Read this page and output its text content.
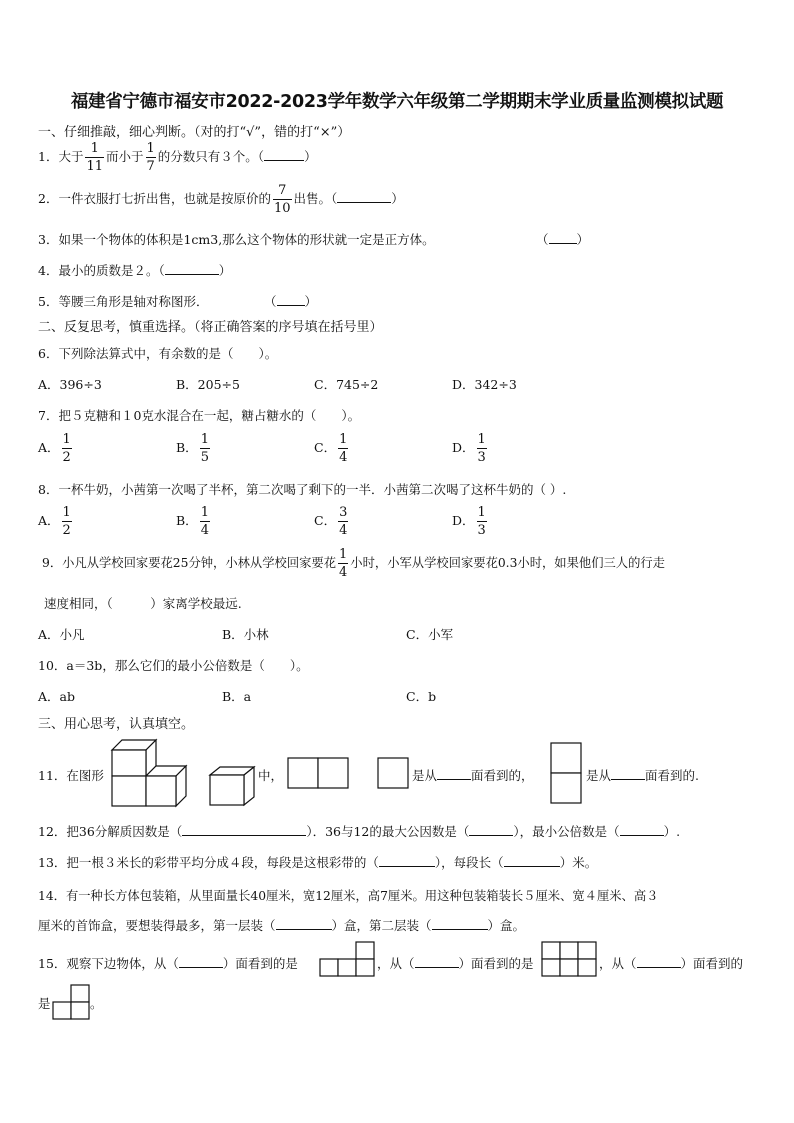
福建省宁德市福安市2022-2023学年数学六年级第二学期期末学业质量监测模拟试题
一、仔细推敲，细心判断。（对的打“√”，错的打“×”）
1．大于 $\frac{1}{11}$ 而小于 $\frac{1}{7}$ 的分数只有３个。（	）
2．一件衣服打七折出售，也就是按原价的 $\frac{7}{10}$ 出售。（	）
3．如果一个物体的体积是1cm3,那么这个物体的形状就一定是正方体。	（ ）
4．最小的质数是２。（	）
5．等腰三角形是轴对称图形．	（ ）
二、反复思考，慎重选择。（将正确答案的序号填在括号里）
6．下列除法算式中，有余数的是（　　）。
A．396÷3	B．205÷5	C．745÷2	D．342÷3
7．把５克糖和１0克水混合在一起，糖占糖水的（　　）。
A． $\frac{1}{2}$	B． $\frac{1}{5}$	C． $\frac{1}{4}$	D． $\frac{1}{3}$
8．一杯牛奶，小茜第一次喝了半杯，第二次喝了剩下的一半．小茜第二次喝了这杯牛奶的（ ）.
A． $\frac{1}{2}$	B． $\frac{1}{4}$	C． $\frac{3}{4}$	D． $\frac{1}{3}$
9．小凡从学校回家要花25分钟，小林从学校回家要花 $\frac{1}{4}$ 小时，小军从学校回家要花0.3小时，如果他们三人的行走
速度相同，（　　　）家离学校最远.
A．小凡	B．小林	C．小军
10．a＝3b，那么它们的最小公倍数是（　　）。
A．ab	B．a	C．b
三、用心思考，认真填空。
11．在图形	中，	是从	面看到的，	是从	面看到的.
12．把36分解质因数是（	）．36与12的最大公因数是（	），最小公倍数是（	）.
13．把一根３米长的彩带平均分成４段，每段是这根彩带的（	），每段长（	）米。
14．有一种长方体包装箱，从里面量长40厘米，宽12厘米，高7厘米。用这种包装箱装长５厘米、宽４厘米、高３
厘米的首饰盒，要想装得最多，第一层装（	）盒，第二层装（	）盒。
15．观察下边物体，从（	）面看到的是	，从（	）面看到的是	，从（	）面看到的
是	。
